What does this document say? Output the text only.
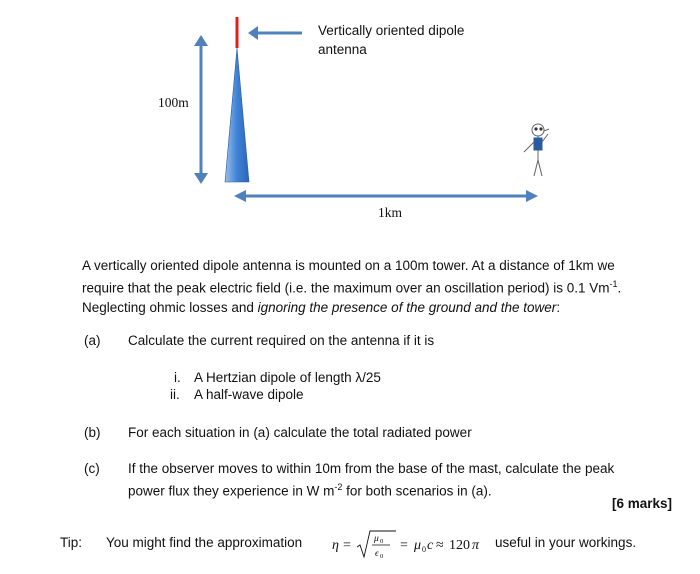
Vertically oriented dipole
antenna
100m
1km
A vertically oriented dipole antenna is mounted on a 100m tower. At a distance of 1km we
require that the peak electric field (i.e. the maximum over an oscillation period) is 0.1 $Vm^{-1}$.
Neglecting ohmic losses and ignoring the presence of the ground and the tower:
(a) Calculate the current required on the antenna if it is
i. A Hertzian dipole of length λ/25
ii. A half-wave dipole
(b) For each situation in (a) calculate the total radiated power
(c) If the observer moves to within 10m from the base of the mast, calculate the peak
power flux they experience in W $m^{-2}$ for both scenarios in (a).
[6 marks]
Tip: You might find the approximation η = μ 0
ϵ 0
= μ 0 c ≈ 120 π useful in your workings.
